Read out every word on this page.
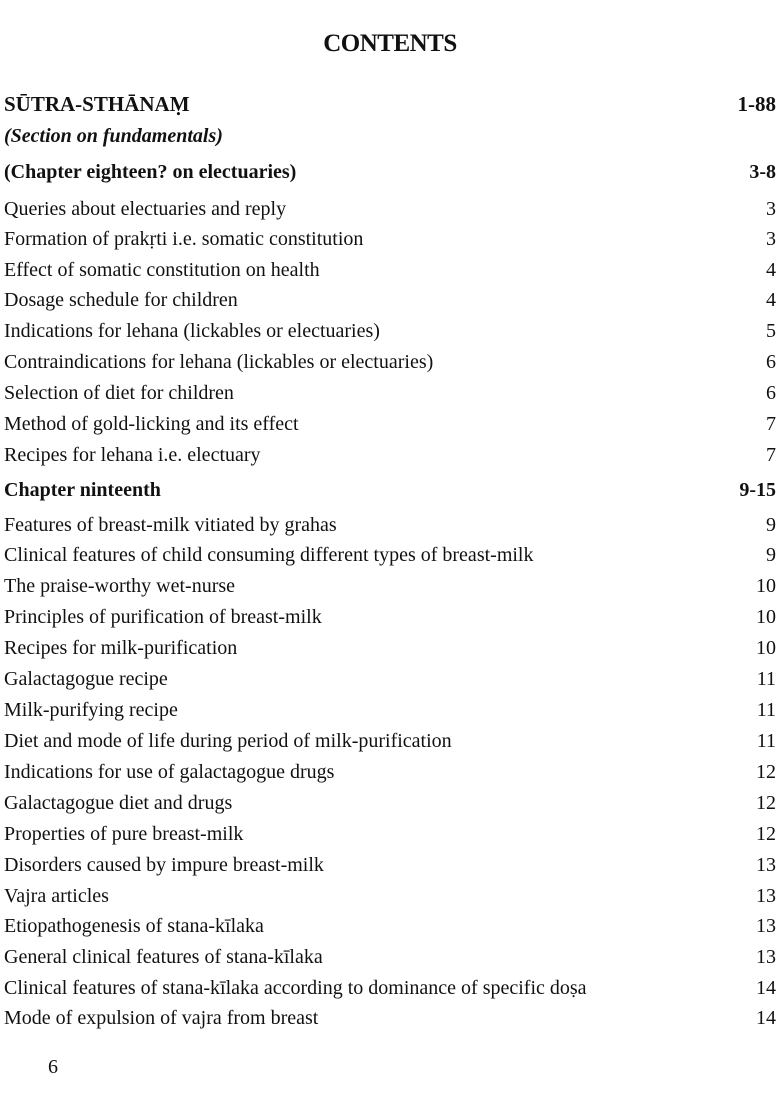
CONTENTS
SŪTRA-STHĀNAṂ	1-88
(Section on fundamentals)
(Chapter eighteen? on electuaries)	3-8
Queries about electuaries and reply	3
Formation of prakṛti i.e. somatic constitution	3
Effect of somatic constitution on health	4
Dosage schedule for children	4
Indications for lehana (lickables or electuaries)	5
Contraindications for lehana (lickables or electuaries)	6
Selection of diet for children	6
Method of gold-licking and its effect	7
Recipes for lehana i.e. electuary	7
Chapter ninteenth	9-15
Features of breast-milk vitiated by grahas	9
Clinical features of child consuming different types of breast-milk	9
The praise-worthy wet-nurse	10
Principles of purification of breast-milk	10
Recipes for milk-purification	10
Galactagogue recipe	11
Milk-purifying recipe	11
Diet and mode of life during period of milk-purification	11
Indications for use of galactagogue drugs	12
Galactagogue diet and drugs	12
Properties of pure breast-milk	12
Disorders caused by impure breast-milk	13
Vajra articles	13
Etiopathogenesis of stana-kīlaka	13
General clinical features of stana-kīlaka	13
Clinical features of stana-kīlaka according to dominance of specific doṣa	14
Mode of expulsion of vajra from breast	14
6
